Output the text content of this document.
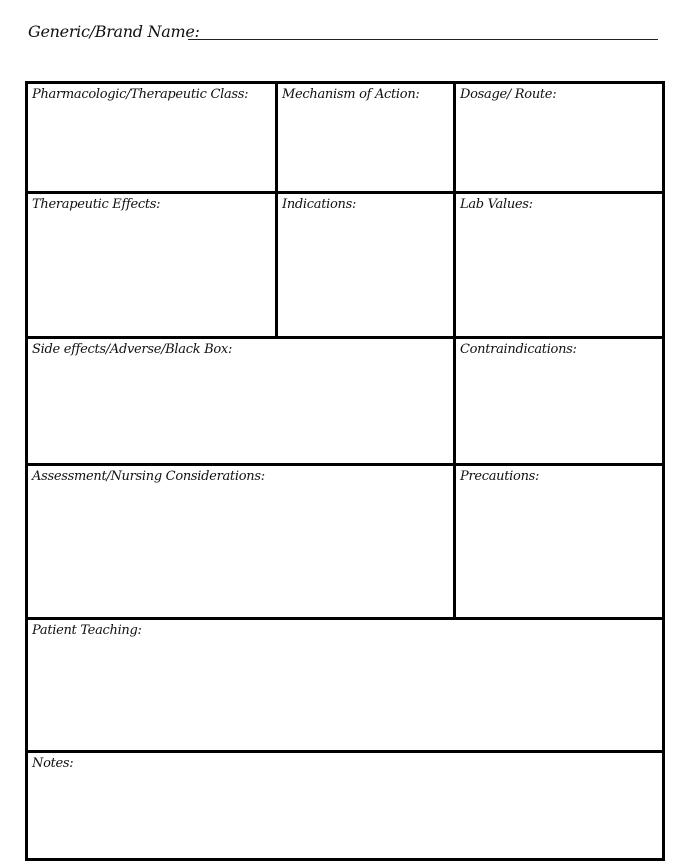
Generic/Brand Name:
Pharmacologic/Therapeutic Class:	Mechanism of Action:	Dosage/ Route:
Therapeutic Effects:	Indications:	Lab Values:
Side effects/Adverse/Black Box:	Contraindications:
Assessment/Nursing Considerations:	Precautions:
Patient Teaching:
Notes:
